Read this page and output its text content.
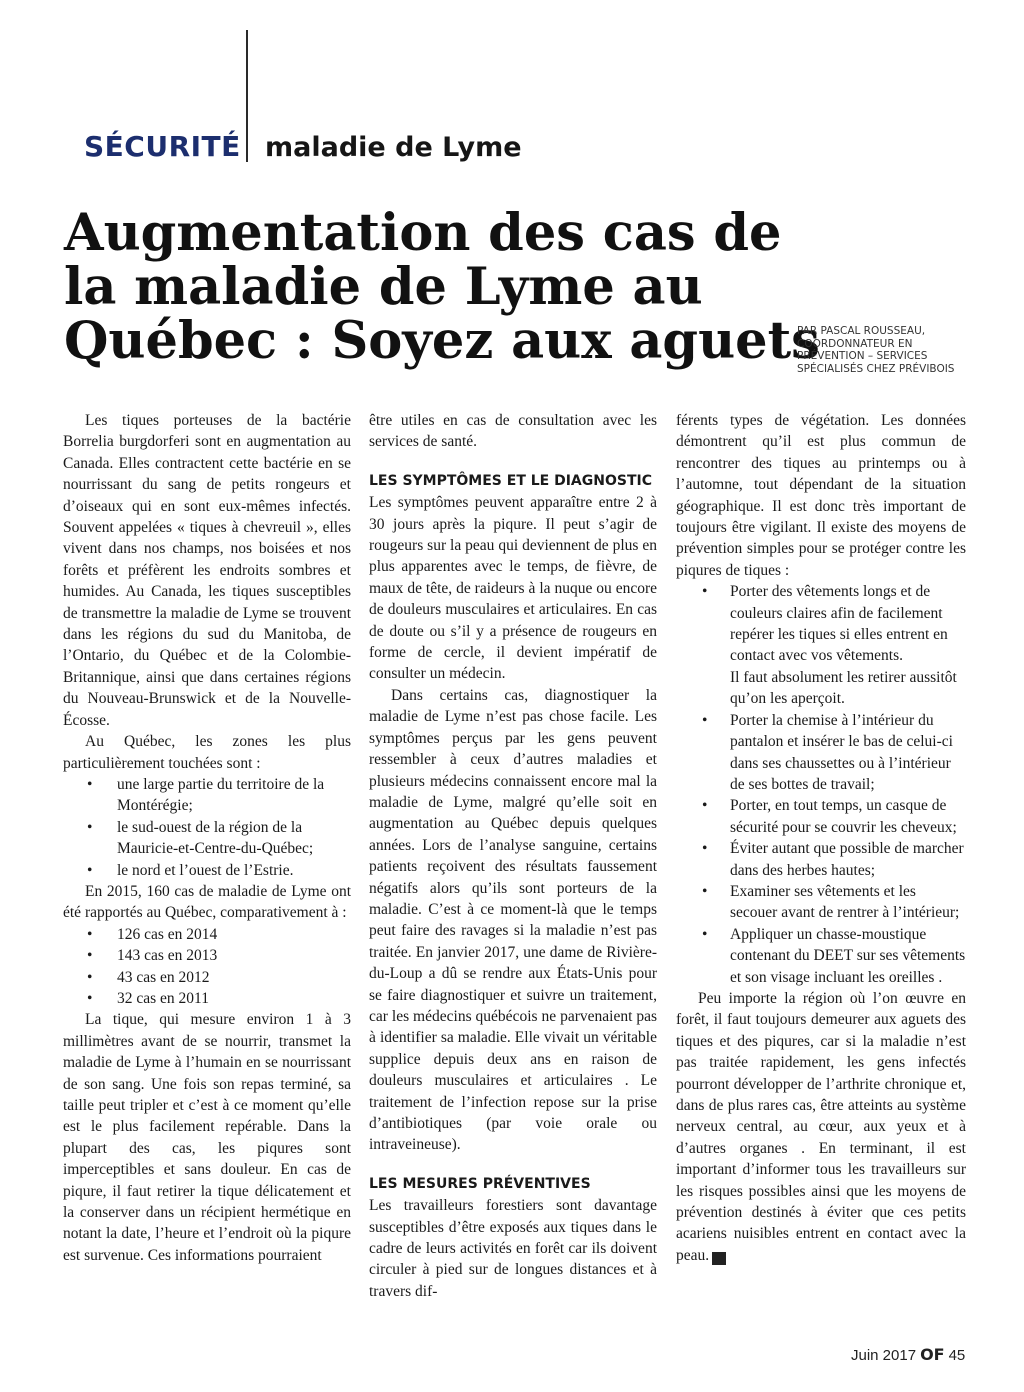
SÉCURITÉ maladie de Lyme
Augmentation des cas de
la maladie de Lyme au
Québec : Soyez aux aguets
PAR PASCAL ROUSSEAU,
COORDONNATEUR EN
PRÉVENTION – SERVICES
SPÉCIALISÉS CHEZ PRÉVIBOIS

Les tiques porteuses de la bactérie Borrelia burgdorferi sont en augmentation au Canada. Elles contractent cette bactérie en se nourrissant du sang de petits rongeurs et d’oiseaux qui en sont eux-mêmes infectés. Souvent appelées « tiques à chevreuil », elles vivent dans nos champs, nos boisées et nos forêts et préfèrent les endroits sombres et humides. Au Canada, les tiques susceptibles de transmettre la maladie de Lyme se trouvent dans les régions du sud du Manitoba, de l’Ontario, du Québec et de la Colombie-Britannique, ainsi que dans certaines régions du Nouveau-Brunswick et de la Nouvelle-Écosse.

Au Québec, les zones les plus particulièrement touchées sont :

• une large partie du territoire de la Montérégie;
• le sud-ouest de la région de la Mauricie-et-Centre-du-Québec;
• le nord et l’ouest de l’Estrie.

En 2015, 160 cas de maladie de Lyme ont été rapportés au Québec, comparativement à :

• 126 cas en 2014
• 143 cas en 2013
• 43 cas en 2012
• 32 cas en 2011

La tique, qui mesure environ 1 à 3 millimètres avant de se nourrir, transmet la maladie de Lyme à l’humain en se nourrissant de son sang. Une fois son repas terminé, sa taille peut tripler et c’est à ce moment qu’elle est le plus facilement repérable. Dans la plupart des cas, les piqures sont imperceptibles et sans douleur. En cas de piqure, il faut retirer la tique délicatement et la conserver dans un récipient hermétique en notant la date, l’heure et l’endroit où la piqure est survenue. Ces informations pourraient

être utiles en cas de consultation avec les services de santé.

LES SYMPTÔMES ET LE DIAGNOSTIC

Les symptômes peuvent apparaître entre 2 à 30 jours après la piqure. Il peut s’agir de rougeurs sur la peau qui deviennent de plus en plus apparentes avec le temps, de fièvre, de maux de tête, de raideurs à la nuque ou encore de douleurs musculaires et articulaires. En cas de doute ou s’il y a présence de rougeurs en forme de cercle, il devient impératif de consulter un médecin.

Dans certains cas, diagnostiquer la maladie de Lyme n’est pas chose facile. Les symptômes perçus par les gens peuvent ressembler à ceux d’autres maladies et plusieurs médecins connaissent encore mal la maladie de Lyme, malgré qu’elle soit en augmentation au Québec depuis quelques années. Lors de l’analyse sanguine, certains patients reçoivent des résultats faussement négatifs alors qu’ils sont porteurs de la maladie. C’est à ce moment-là que le temps peut faire des ravages si la maladie n’est pas traitée. En janvier 2017, une dame de Rivière-du-Loup a dû se rendre aux États-Unis pour se faire diagnostiquer et suivre un traitement, car les médecins québécois ne parvenaient pas à identifier sa maladie. Elle vivait un véritable supplice depuis deux ans en raison de douleurs musculaires et articulaires . Le traitement de l’infection repose sur la prise d’antibiotiques (par voie orale ou intraveineuse).

LES MESURES PRÉVENTIVES

Les travailleurs forestiers sont davantage susceptibles d’être exposés aux tiques dans le cadre de leurs activités en forêt car ils doivent circuler à pied sur de longues distances et à travers dif-

férents types de végétation. Les données démontrent qu’il est plus commun de rencontrer des tiques au printemps ou à l’automne, tout dépendant de la situation géographique. Il est donc très important de toujours être vigilant. Il existe des moyens de prévention simples pour se protéger contre les piqures de tiques :

• Porter des vêtements longs et de couleurs claires afin de facilement repérer les tiques si elles entrent en contact avec vos vêtements.
Il faut absolument les retirer aussitôt qu’on les aperçoit.
• Porter la chemise à l’intérieur du pantalon et insérer le bas de celui-ci dans ses chaussettes ou à l’intérieur de ses bottes de travail;
• Porter, en tout temps, un casque de sécurité pour se couvrir les cheveux;
• Éviter autant que possible de marcher dans des herbes hautes;
• Examiner ses vêtements et les secouer avant de rentrer à l’intérieur;
• Appliquer un chasse-moustique contenant du DEET sur ses vêtements et son visage incluant les oreilles .

Peu importe la région où l’on œuvre en forêt, il faut toujours demeurer aux aguets des tiques et des piqures, car si la maladie n’est pas traitée rapidement, les gens infectés pourront développer de l’arthrite chronique et, dans de plus rares cas, être atteints au système nerveux central, au cœur, aux yeux et à d’autres organes . En terminant, il est important d’informer tous les travailleurs sur les risques possibles ainsi que les moyens de prévention destinés à éviter que ces petits acariens nuisibles entrent en contact avec la peau.	OF

Juin 2017 OF 45
